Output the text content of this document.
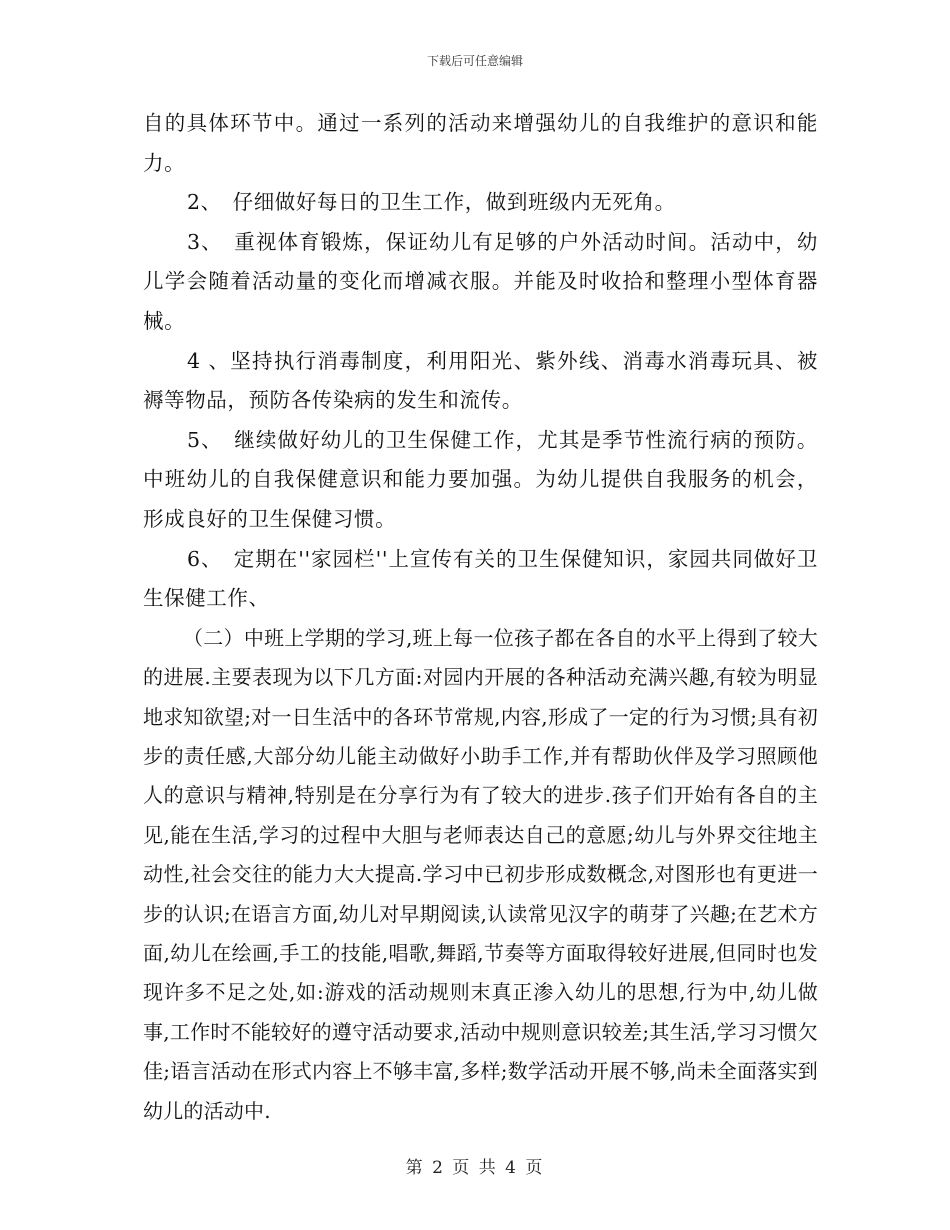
下载后可任意编辑

自的具体环节中。通过一系列的活动来增强幼儿的自我维护的意识和能力。

2、　仔细做好每日的卫生工作，做到班级内无死角。

3、　重视体育锻炼，保证幼儿有足够的户外活动时间。活动中，幼儿学会随着活动量的变化而增减衣服。并能及时收拾和整理小型体育器械。

4 、坚持执行消毒制度，利用阳光、紫外线、消毒水消毒玩具、被褥等物品，预防各传染病的发生和流传。

5、　继续做好幼儿的卫生保健工作，尤其是季节性流行病的预防。中班幼儿的自我保健意识和能力要加强。为幼儿提供自我服务的机会，形成良好的卫生保健习惯。

6、　定期在''家园栏''上宣传有关的卫生保健知识，家园共同做好卫生保健工作、

（二）中班上学期的学习,班上每一位孩子都在各自的水平上得到了较大的进展.主要表现为以下几方面:对园内开展的各种活动充满兴趣,有较为明显地求知欲望;对一日生活中的各环节常规,内容,形成了一定的行为习惯;具有初步的责任感,大部分幼儿能主动做好小助手工作,并有帮助伙伴及学习照顾他人的意识与精神,特别是在分享行为有了较大的进步.孩子们开始有各自的主见,能在生活,学习的过程中大胆与老师表达自己的意愿;幼儿与外界交往地主动性,社会交往的能力大大提高.学习中已初步形成数概念,对图形也有更进一步的认识;在语言方面,幼儿对早期阅读,认读常见汉字的萌芽了兴趣;在艺术方面,幼儿在绘画,手工的技能,唱歌,舞蹈,节奏等方面取得较好进展,但同时也发现许多不足之处,如:游戏的活动规则末真正渗入幼儿的思想,行为中,幼儿做事,工作时不能较好的遵守活动要求,活动中规则意识较差;其生活,学习习惯欠佳;语言活动在形式内容上不够丰富,多样;数学活动开展不够,尚未全面落实到幼儿的活动中.

第 2 页 共 4 页
